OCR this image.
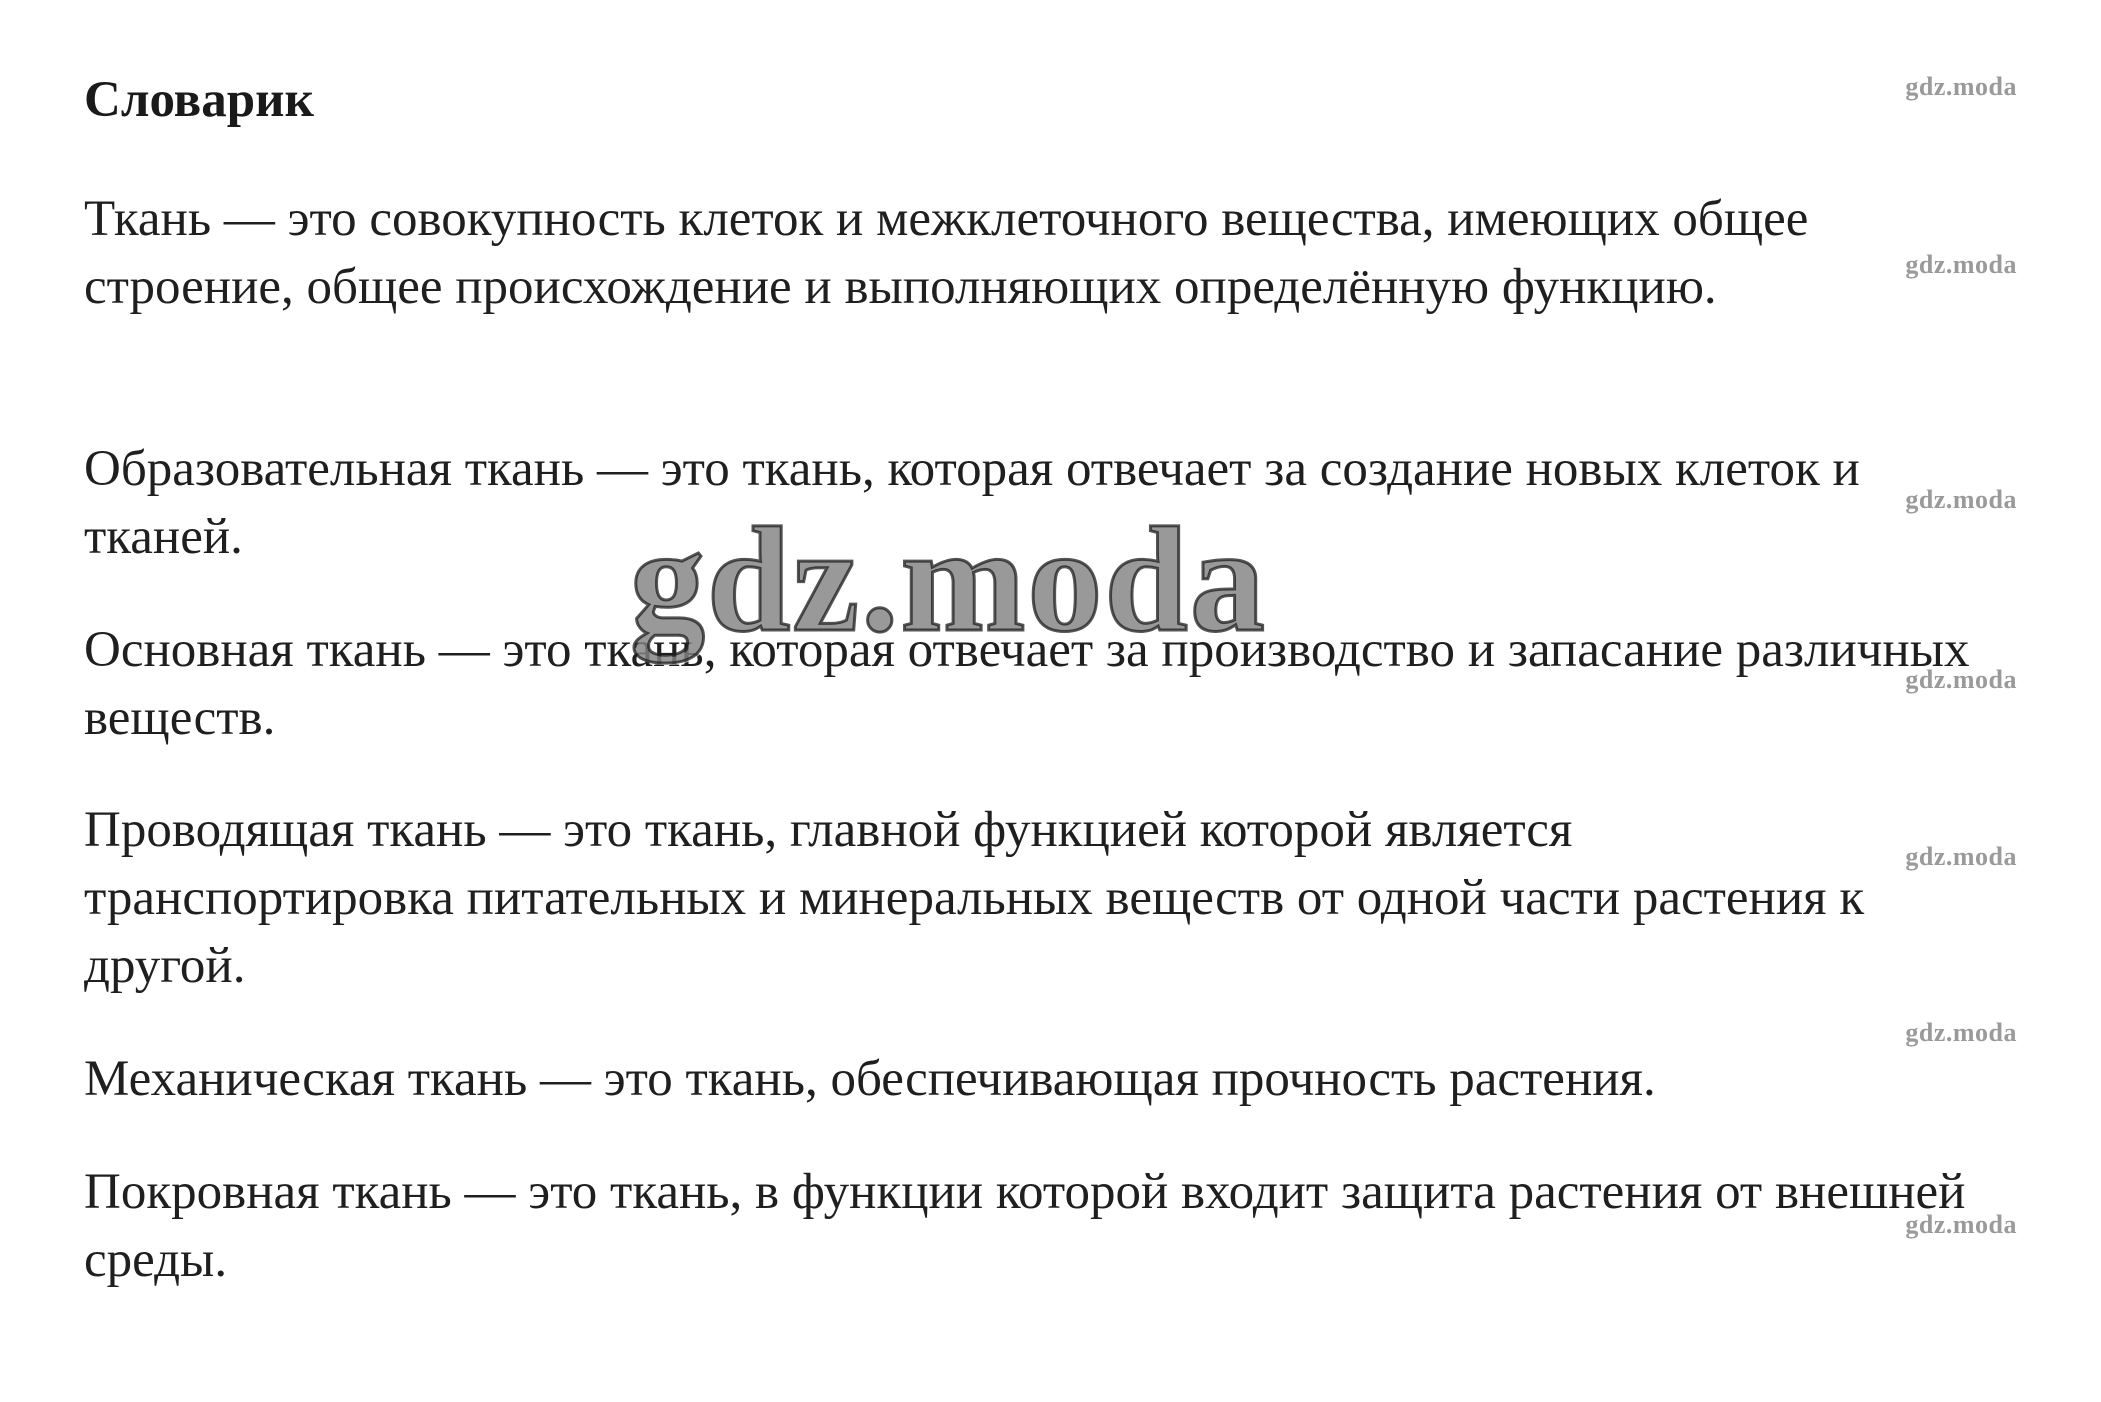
Словарик

Ткань — это совокупность клеток и межклеточного вещества, имеющих общее строение, общее происхождение и выполняющих определённую функцию.

Образовательная ткань — это ткань, которая отвечает за создание новых клеток и тканей.

Основная ткань — это ткань, которая отвечает за производство и запасание различных веществ.

Проводящая ткань — это ткань, главной функцией которой является транспортировка питательных и минеральных веществ от одной части растения к другой.

Механическая ткань — это ткань, обеспечивающая прочность растения.

Покровная ткань — это ткань, в функции которой входит защита растения от внешней среды.

gdz.moda
gdz.moda
gdz.moda
gdz.moda
gdz.moda
gdz.moda
gdz.moda
gdz.moda
